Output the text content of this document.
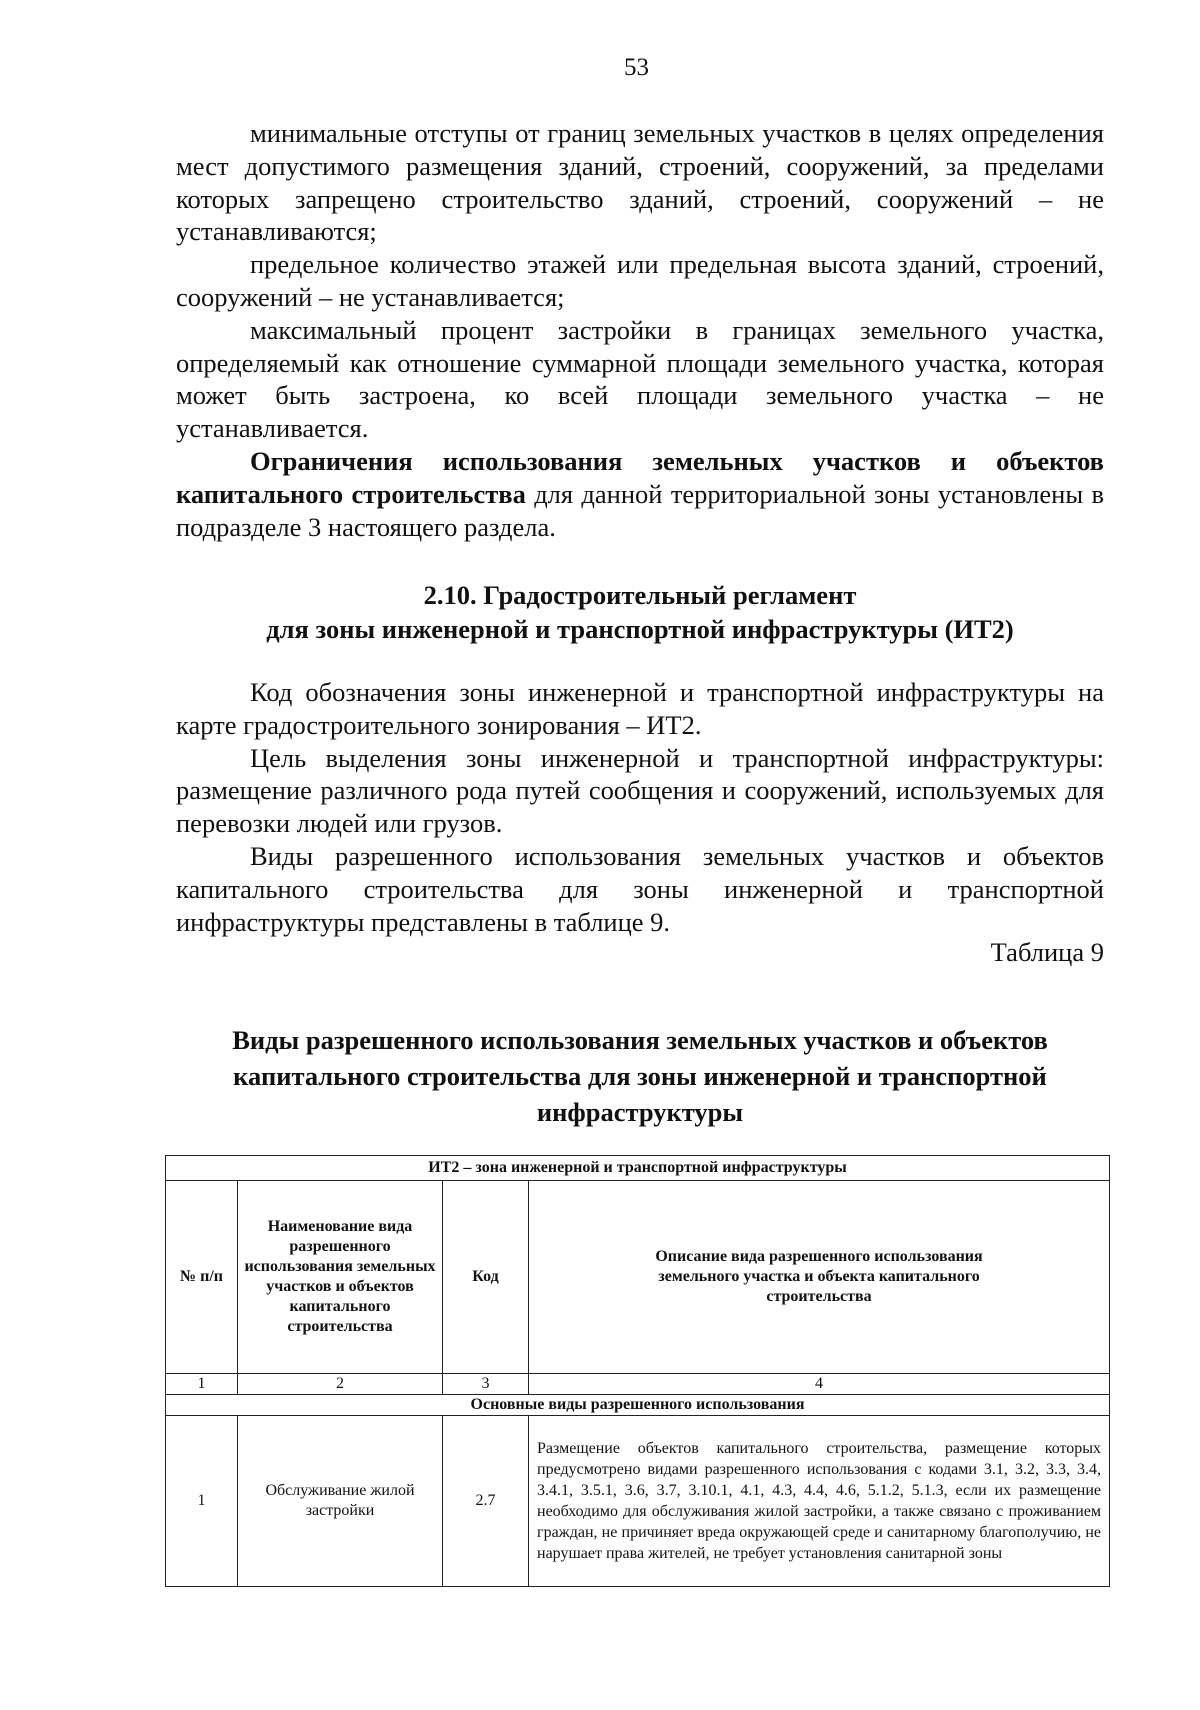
53

минимальные отступы от границ земельных участков в целях определения мест допустимого размещения зданий, строений, сооружений, за пределами которых запрещено строительство зданий, строений, сооружений – не устанавливаются;

предельное количество этажей или предельная высота зданий, строений, сооружений – не устанавливается;

максимальный процент застройки в границах земельного участка, определяемый как отношение суммарной площади земельного участка, которая может быть застроена, ко всей площади земельного участка – не устанавливается.

Ограничения использования земельных участков и объектов капитального строительства для данной территориальной зоны установлены в подразделе 3 настоящего раздела.

2.10. Градостроительный регламент
для зоны инженерной и транспортной инфраструктуры (ИТ2)

Код обозначения зоны инженерной и транспортной инфраструктуры на карте градостроительного зонирования – ИТ2.

Цель выделения зоны инженерной и транспортной инфраструктуры: размещение различного рода путей сообщения и сооружений, используемых для перевозки людей или грузов.

Виды разрешенного использования земельных участков и объектов капитального строительства для зоны инженерной и транспортной инфраструктуры представлены в таблице 9.

Таблица 9
Виды разрешенного использования земельных участков и объектов
капитального строительства для зоны инженерной и транспортной
инфраструктуры
ИТ2 – зона инженерной и транспортной инфраструктуры			
№ п/п	Наименование вида разрешенного использования земельных участков и объектов капитального строительства	Код	Описание вида разрешенного использования земельного участка и объекта капитального строительства
1	2	3	4
Основные виды разрешенного использования			
1	Обслуживание жилой застройки	2.7	Размещение объектов капитального строительства, размещение которых предусмотрено видами разрешенного использования с кодами 3.1, 3.2, 3.3, 3.4, 3.4.1, 3.5.1, 3.6, 3.7, 3.10.1, 4.1, 4.3, 4.4, 4.6, 5.1.2, 5.1.3, если их размещение необходимо для обслуживания жилой застройки, а также связано с проживанием граждан, не причиняет вреда окружающей среде и санитарному благополучию, не нарушает права жителей, не требует установления санитарной зоны
